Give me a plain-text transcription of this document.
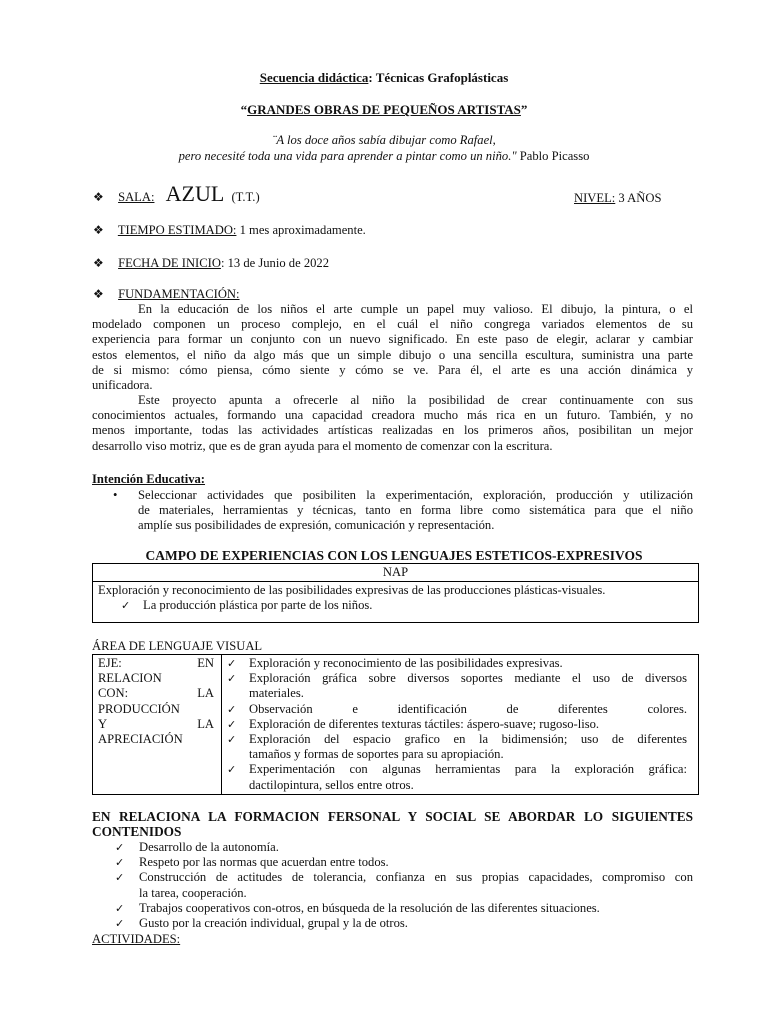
Secuencia didáctica: Técnicas Grafoplásticas
“GRANDES OBRAS DE PEQUEÑOS ARTISTAS”
¨A los doce años sabía dibujar como Rafael,
pero necesité toda una vida para aprender a pintar como un niño." Pablo Picasso
❖ SALA: AZUL (T.T.)	NIVEL: 3 AÑOS
❖ TIEMPO ESTIMADO: 1 mes aproximadamente.
❖ FECHA DE INICIO: 13 de Junio de 2022
❖ FUNDAMENTACIÓN:
En la educación de los niños el arte cumple un papel muy valioso. El dibujo, la pintura, o el
modelado componen un proceso complejo, en el cuál el niño congrega variados elementos de su
experiencia para formar un conjunto con un nuevo significado. En este paso de elegir, aclarar y cambiar
estos elementos, el niño da algo más que un simple dibujo o una sencilla escultura, suministra una parte
de si mismo: cómo piensa, cómo siente y cómo se ve. Para él, el arte es una acción dinámica y
unificadora.
Este proyecto apunta a ofrecerle al niño la posibilidad de crear continuamente con sus
conocimientos actuales, formando una capacidad creadora mucho más rica en un futuro. También, y no
menos importante, todas las actividades artísticas realizadas en los primeros años, posibilitan un mejor
desarrollo viso motriz, que es de gran ayuda para el momento de comenzar con la escritura.
Intención Educativa:
• Seleccionar actividades que posibiliten la experimentación, exploración, producción y utilización
de materiales, herramientas y técnicas, tanto en forma libre como sistemática para que el niño
amplíe sus posibilidades de expresión, comunicación y representación.
CAMPO DE EXPERIENCIAS CON LOS LENGUAJES ESTETICOS-EXPRESIVOS
NAP
Exploración y reconocimiento de las posibilidades expresivas de las producciones plásticas-visuales.
✓ La producción plástica por parte de los niños.
ÁREA DE LENGUAJE VISUAL
EJE:	EN
RELACION
CON:	LA
PRODUCCIÓN
Y	LA
APRECIACIÓN
✓	Exploración y reconocimiento de las posibilidades expresivas.
✓	Exploración gráfica sobre diversos soportes mediante el uso de diversos
materiales.
✓	Observación e identificación de diferentes colores.
✓	Exploración de diferentes texturas táctiles: áspero-suave; rugoso-liso.
✓	Exploración del espacio grafico en la bidimensión; uso de diferentes
tamaños y formas de soportes para su apropiación.
✓	Experimentación con algunas herramientas para la exploración gráfica:
dactilopintura, sellos entre otros.
EN RELACIONA LA FORMACION FERSONAL Y SOCIAL SE ABORDAR LO SIGUIENTES
CONTENIDOS
✓	Desarrollo de la autonomía.
✓	Respeto por las normas que acuerdan entre todos.
✓	Construcción de actitudes de tolerancia, confianza en sus propias capacidades, compromiso con
la tarea, cooperación.
✓	Trabajos cooperativos con-otros, en búsqueda de la resolución de las diferentes situaciones.
✓	Gusto por la creación individual, grupal y la de otros.
ACTIVIDADES:
